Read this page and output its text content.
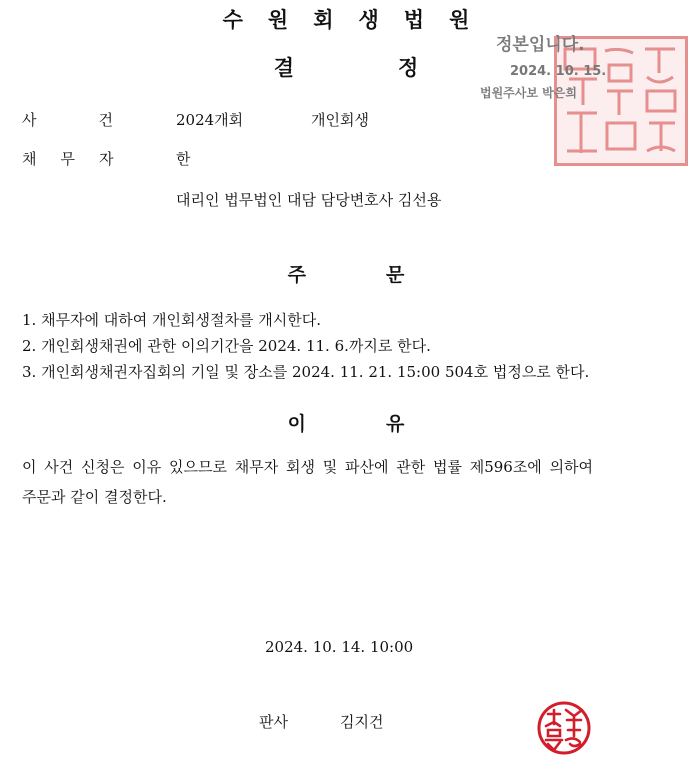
수원회생법원
결	정
정본입니다.
2024. 10. 15.
법원주사보 박은희
사건 2024개회	개인회생
채무자	한
대리인 법무법인 대담 담당변호사 김선용
주	문
1. 채무자에 대하여 개인회생절차를 개시한다.
2. 개인회생채권에 관한 이의기간을 2024. 11. 6.까지로 한다.
3. 개인회생채권자집회의 기일 및 장소를 2024. 11. 21. 15:00 504호 법정으로 한다.
이	유
이 사건 신청은 이유 있으므로 채무자 회생 및 파산에 관한 법률 제596조에 의하여
주문과 같이 결정한다.
2024. 10. 14. 10:00
판사	김지건
